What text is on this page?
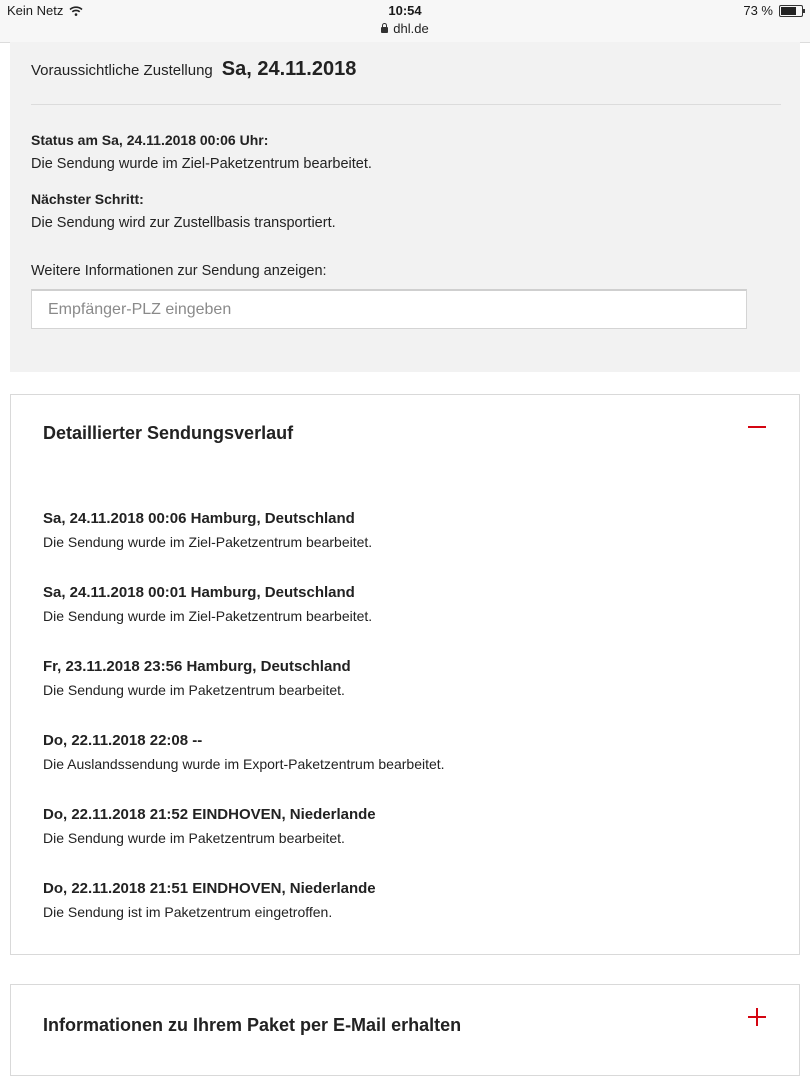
Kein Netz	10:54
dhl.de
73 %
Voraussichtliche Zustellung Sa, 24.11.2018
Status am Sa, 24.11.2018 00:06 Uhr:
Die Sendung wurde im Ziel-Paketzentrum bearbeitet.
Nächster Schritt:
Die Sendung wird zur Zustellbasis transportiert.
Weitere Informationen zur Sendung anzeigen:
Empfänger-PLZ eingeben
Detaillierter Sendungsverlauf
Sa, 24.11.2018 00:06 Hamburg, Deutschland
Die Sendung wurde im Ziel-Paketzentrum bearbeitet.
Sa, 24.11.2018 00:01 Hamburg, Deutschland
Die Sendung wurde im Ziel-Paketzentrum bearbeitet.
Fr, 23.11.2018 23:56 Hamburg, Deutschland
Die Sendung wurde im Paketzentrum bearbeitet.
Do, 22.11.2018 22:08 --
Die Auslandssendung wurde im Export-Paketzentrum bearbeitet.
Do, 22.11.2018 21:52 EINDHOVEN, Niederlande
Die Sendung wurde im Paketzentrum bearbeitet.
Do, 22.11.2018 21:51 EINDHOVEN, Niederlande
Die Sendung ist im Paketzentrum eingetroffen.
Informationen zu Ihrem Paket per E-Mail erhalten
